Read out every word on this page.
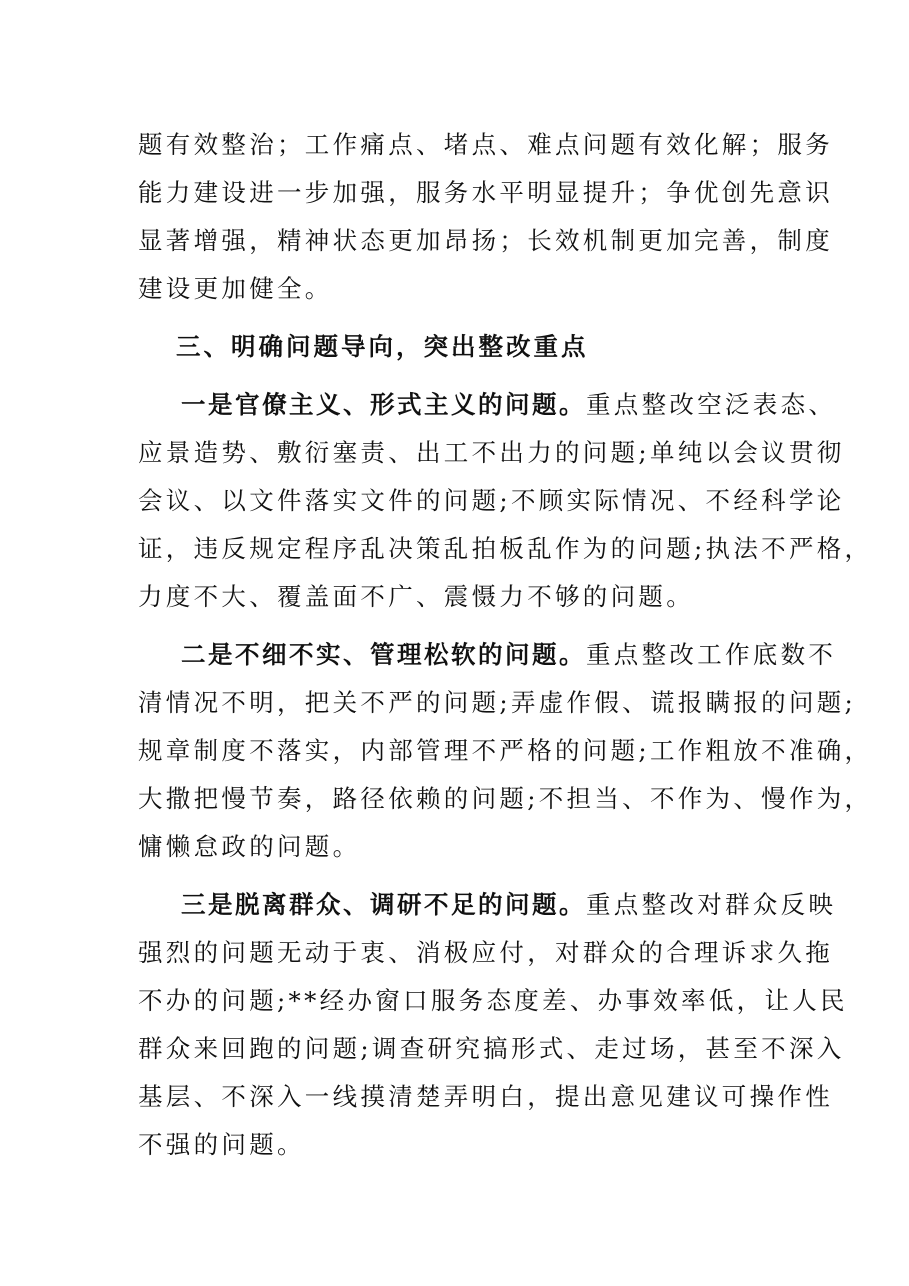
题有效整治；工作痛点、堵点、难点问题有效化解；服务
能力建设进一步加强，服务水平明显提升；争优创先意识
显著增强，精神状态更加昂扬；长效机制更加完善，制度
建设更加健全。
三、明确问题导向，突出整改重点
一是官僚主义、形式主义的问题。重点整改空泛表态、
应景造势、敷衍塞责、出工不出力的问题;单纯以会议贯彻
会议、以文件落实文件的问题;不顾实际情况、不经科学论
证，违反规定程序乱决策乱拍板乱作为的问题;执法不严格，
力度不大、覆盖面不广、震慑力不够的问题。
二是不细不实、管理松软的问题。重点整改工作底数不
清情况不明，把关不严的问题;弄虚作假、谎报瞒报的问题;
规章制度不落实，内部管理不严格的问题;工作粗放不准确，
大撒把慢节奏，路径依赖的问题;不担当、不作为、慢作为，
慵懒怠政的问题。
三是脱离群众、调研不足的问题。重点整改对群众反映
强烈的问题无动于衷、消极应付，对群众的合理诉求久拖
不办的问题;**经办窗口服务态度差、办事效率低，让人民
群众来回跑的问题;调查研究搞形式、走过场，甚至不深入
基层、不深入一线摸清楚弄明白，提出意见建议可操作性
不强的问题。
